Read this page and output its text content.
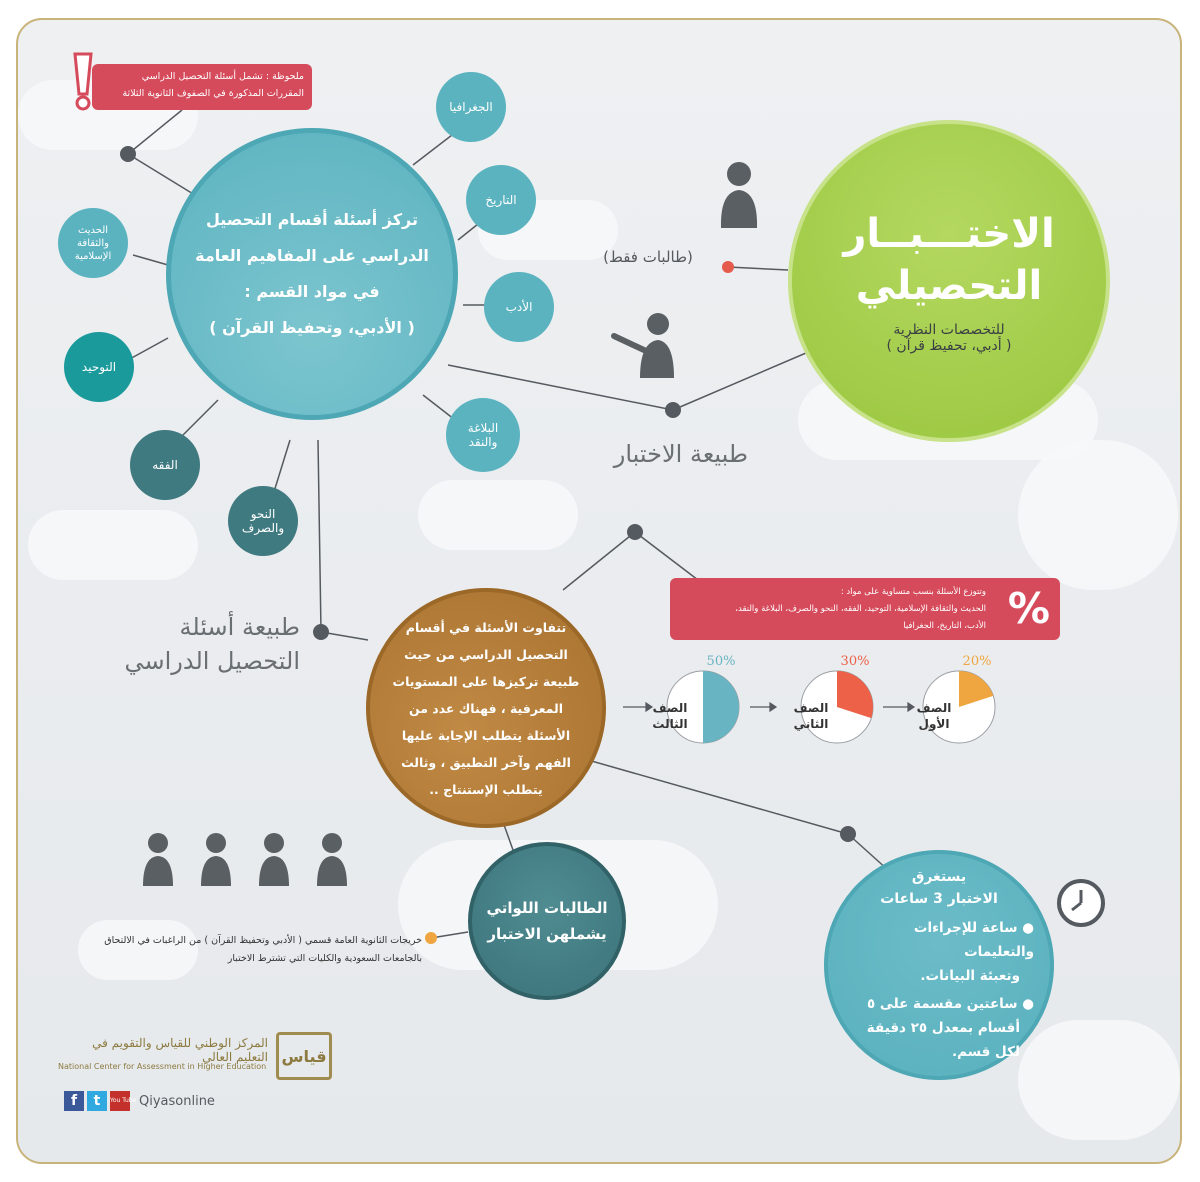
ملحوظة : تشمل أسئلة التحصيل الدراسي
المقررات المذكورة في الصفوف الثانوية الثلاثة
تركز أسئلة أقسام التحصيل
الدراسي على المفاهيم العامة
في مواد القسم :
( الأدبي، وتحفيظ القرآن )
الجغرافيا
التاريخ
الأدب
البلاغة
والنقد
النحو
والصرف
الفقه
التوحيد
الحديث
والثقافة
الإسلامية	الاختـــبــار
التحصيلي
للتخصصات النظرية
( أدبي، تحفيظ قرآن )
(طالبات فقط)
طبيعة الاختبار
طبيعة أسئلة
التحصيل الدراسي
تتفاوت الأسئلة في أقسام
التحصيل الدراسي من حيث
طبيعة تركيزها على المستويات
المعرفية ، فهناك عدد من
الأسئلة يتطلب الإجابة عليها
الفهم وآخر التطبيق ، وثالث
يتطلب الإستنتاج ..
وتتوزع الأسئلة بنسب متساوية على مواد :
الحديث والثقافة الإسلامية، التوحيد، الفقه، النحو والصرف، البلاغة والنقد،
الأدب، التاريخ، الجغرافيا %
20%
30%
50%
الصف
الأول
الصف
الثاني
الصف
الثالث
الطالبات اللواتي
يشملهن الاختبار
خريجات الثانوية العامة قسمي ( الأدبي وتحفيظ القرآن ) من الراغبات في الالتحاق
بالجامعات السعودية والكليات التي تشترط الاختبار
يستغرق
الاختبار 3 ساعات
● ساعة للإجراءات والتعليمات
وتعبئة البيانات.
● ساعتين مقسمة على ٥
أقسام بمعدل ٢٥ دقيقة
لكل قسم.
المركز الوطني للقياس والتقويم في التعليم العالي
National Center for Assessment in Higher Education
قياس
f	t	You Tube Qiyasonline
